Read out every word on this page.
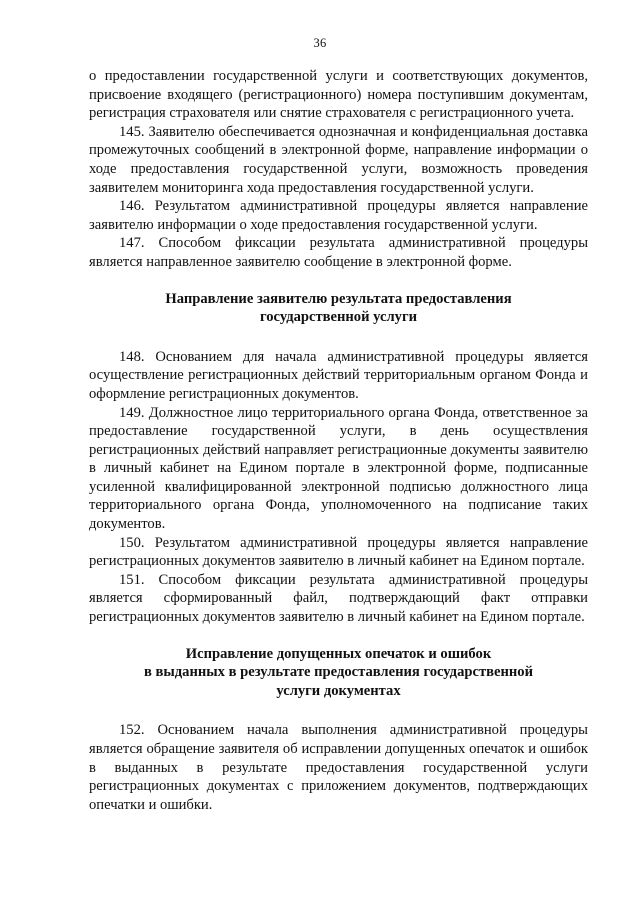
36

о предоставлении государственной услуги и соответствующих документов, присвоение входящего (регистрационного) номера поступившим документам, регистрация страхователя или снятие страхователя с регистрационного учета.

145. Заявителю обеспечивается однозначная и конфиденциальная доставка промежуточных сообщений в электронной форме, направление информации о ходе предоставления государственной услуги, возможность проведения заявителем мониторинга хода предоставления государственной услуги.

146. Результатом административной процедуры является направление заявителю информации о ходе предоставления государственной услуги.

147. Способом фиксации результата административной процедуры является направленное заявителю сообщение в электронной форме.

Направление заявителю результата предоставления
государственной услуги

148. Основанием для начала административной процедуры является осуществление регистрационных действий территориальным органом Фонда и оформление регистрационных документов.

149. Должностное лицо территориального органа Фонда, ответственное за предоставление государственной услуги, в день осуществления регистрационных действий направляет регистрационные документы заявителю в личный кабинет на Едином портале в электронной форме, подписанные усиленной квалифицированной электронной подписью должностного лица территориального органа Фонда, уполномоченного на подписание таких документов.

150. Результатом административной процедуры является направление регистрационных документов заявителю в личный кабинет на Едином портале.

151. Способом фиксации результата административной процедуры является сформированный файл, подтверждающий факт отправки регистрационных документов заявителю в личный кабинет на Едином портале.

Исправление допущенных опечаток и ошибок
в выданных в результате предоставления государственной
услуги документах

152. Основанием начала выполнения административной процедуры является обращение заявителя об исправлении допущенных опечаток и ошибок в выданных в результате предоставления государственной услуги регистрационных документах с приложением документов, подтверждающих опечатки и ошибки.
